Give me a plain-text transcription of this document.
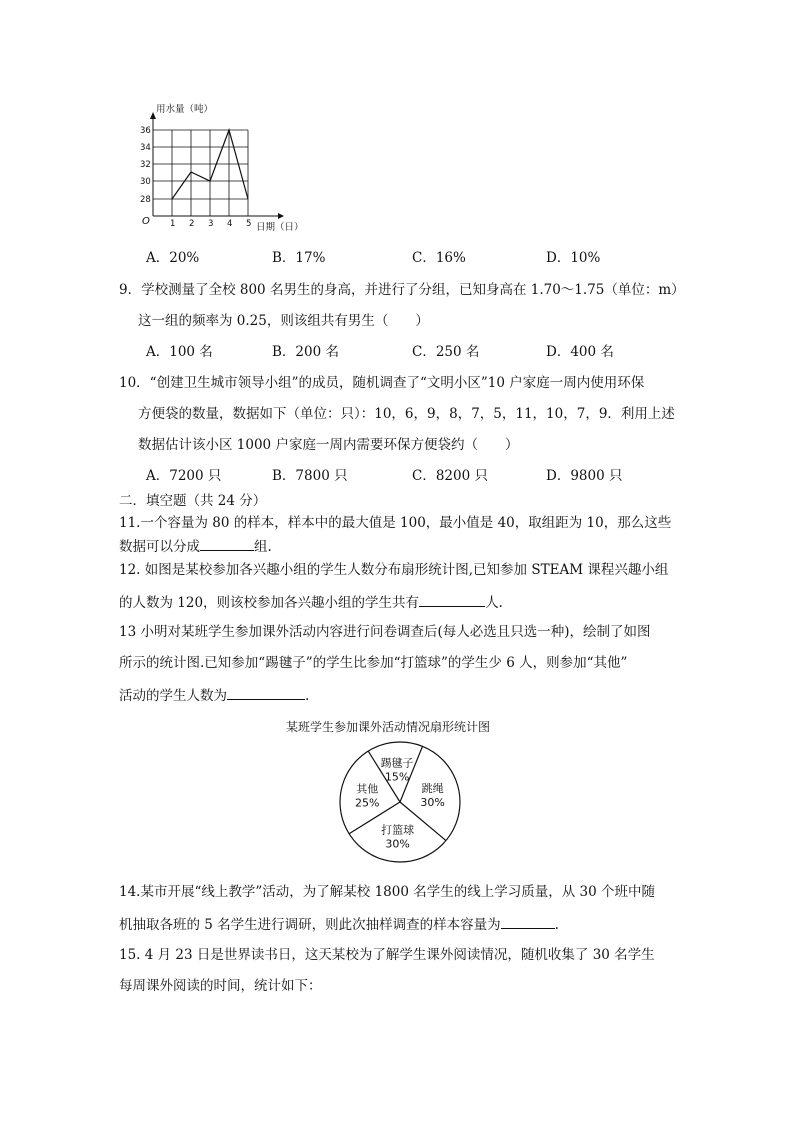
用水量（吨）
日期（日）
O
28
30
32
34
36
1 2 3 4 5
A．20%	B．17%	C．16%	D．10%
9．学校测量了全校 800 名男生的身高，并进行了分组，已知身高在 1.70～1.75（单位：m）
这一组的频率为 0.25，则该组共有男生（　　）
A．100 名	B．200 名	C．250 名	D．400 名
10．“创建卫生城市领导小组”的成员，随机调查了“文明小区”10 户家庭一周内使用环保
方便袋的数量，数据如下（单位：只）：10，6，9，8，7，5，11，10，7，9．利用上述
数据估计该小区 1000 户家庭一周内需要环保方便袋约（　　）
A．7200 只	B．7800 只	C．8200 只	D．9800 只
二．填空题（共 24 分）
11.一个容量为 80 的样本，样本中的最大值是 100，最小值是 40，取组距为 10，那么这些
数据可以分成	组.
12. 如图是某校参加各兴趣小组的学生人数分布扇形统计图,已知参加 STEAM 课程兴趣小组
的人数为 120，则该校参加各兴趣小组的学生共有	人.
13 小明对某班学生参加课外活动内容进行问卷调查后(每人必选且只选一种)，绘制了如图
所示的统计图.已知参加“踢毽子”的学生比参加“打篮球”的学生少 6 人，则参加“其他”
活动的学生人数为	.
某班学生参加课外活动情况扇形统计图
踢毽子
15%
跳绳
30%
打篮球
30%
其他
25%
14.某市开展“线上教学”活动，为了解某校 1800 名学生的线上学习质量，从 30 个班中随
机抽取各班的 5 名学生进行调研，则此次抽样调查的样本容量为	.
15. 4 月 23 日是世界读书日，这天某校为了解学生课外阅读情况，随机收集了 30 名学生
每周课外阅读的时间，统计如下：
